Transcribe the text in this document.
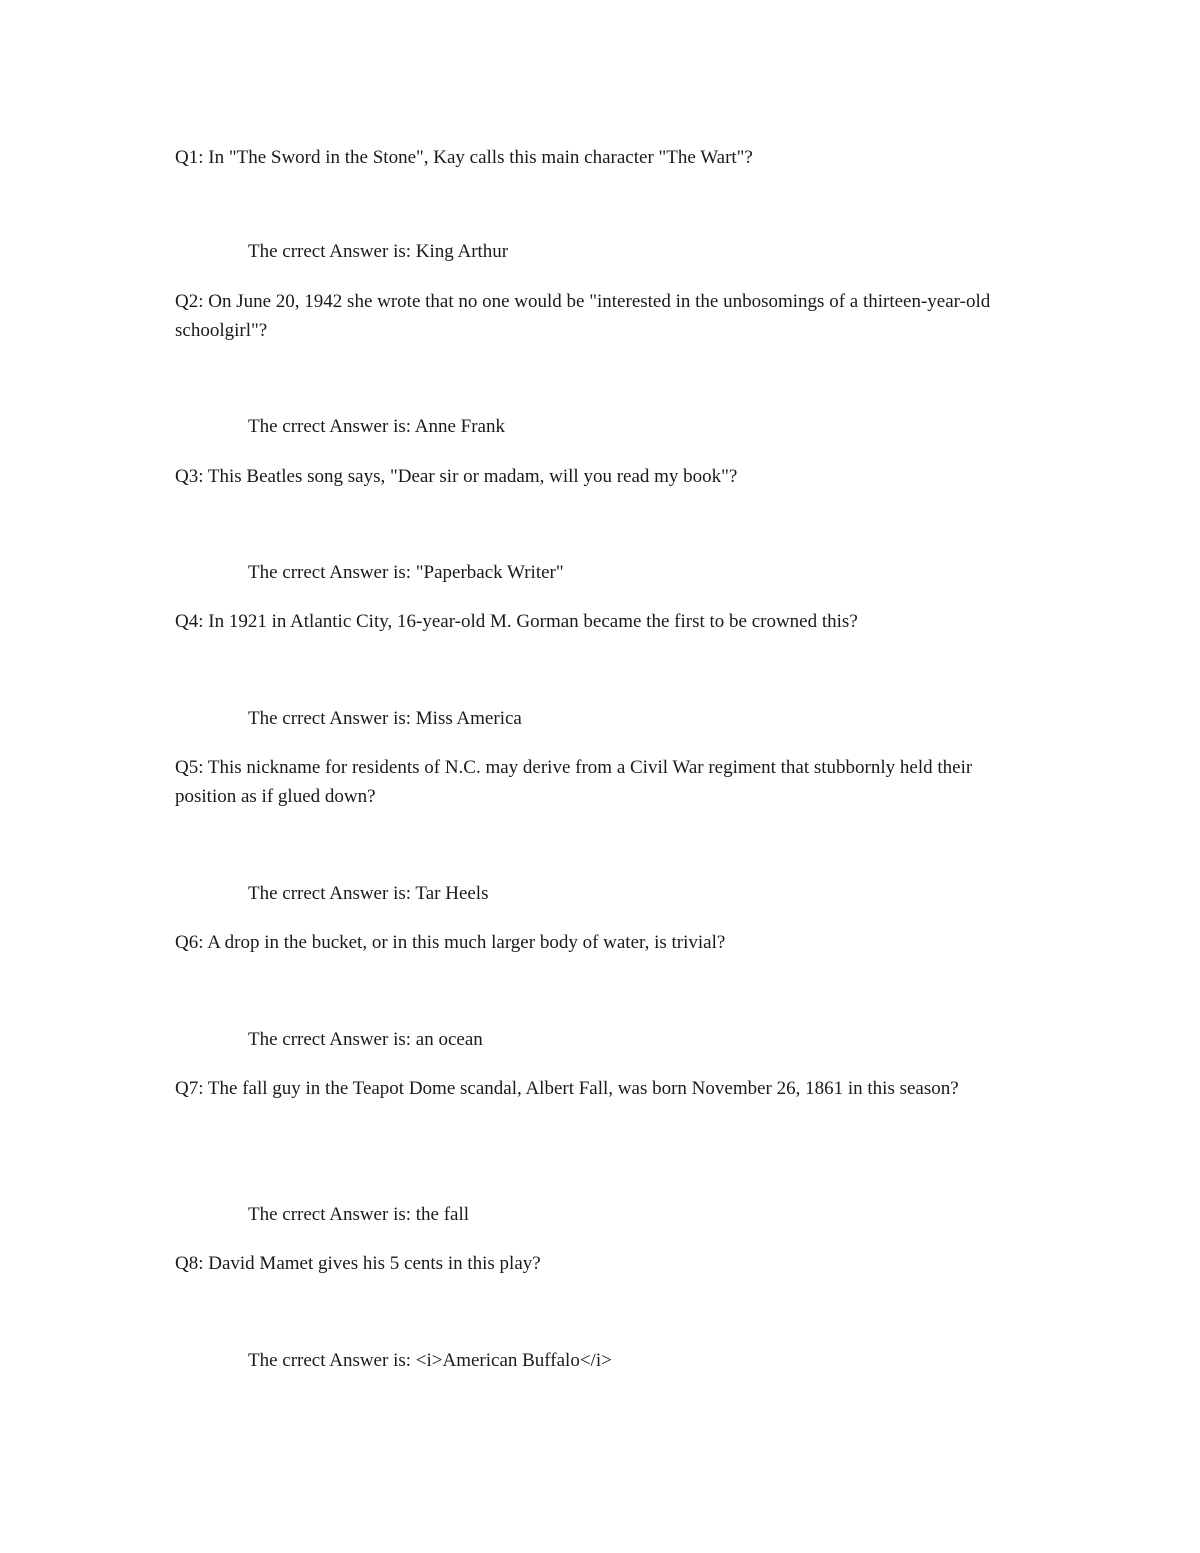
Q1: In "The Sword in the Stone", Kay calls this main character "The Wart"?
The crrect Answer is: King Arthur
Q2: On June 20, 1942 she wrote that no one would be "interested in the unbosomings of a thirteen-year-old schoolgirl"?
The crrect Answer is: Anne Frank
Q3: This Beatles song says, "Dear sir or madam, will you read my book"?
The crrect Answer is: "Paperback Writer"
Q4: In 1921 in Atlantic City, 16-year-old M. Gorman became the first to be crowned this?
The crrect Answer is: Miss America
Q5: This nickname for residents of N.C. may derive from a Civil War regiment that stubbornly held their position as if glued down?
The crrect Answer is: Tar Heels
Q6: A drop in the bucket, or in this much larger body of water, is trivial?
The crrect Answer is: an ocean
Q7: The fall guy in the Teapot Dome scandal, Albert Fall, was born November 26, 1861 in this season?
The crrect Answer is: the fall
Q8: David Mamet gives his 5 cents in this play?
The crrect Answer is: <i>American Buffalo</i>
